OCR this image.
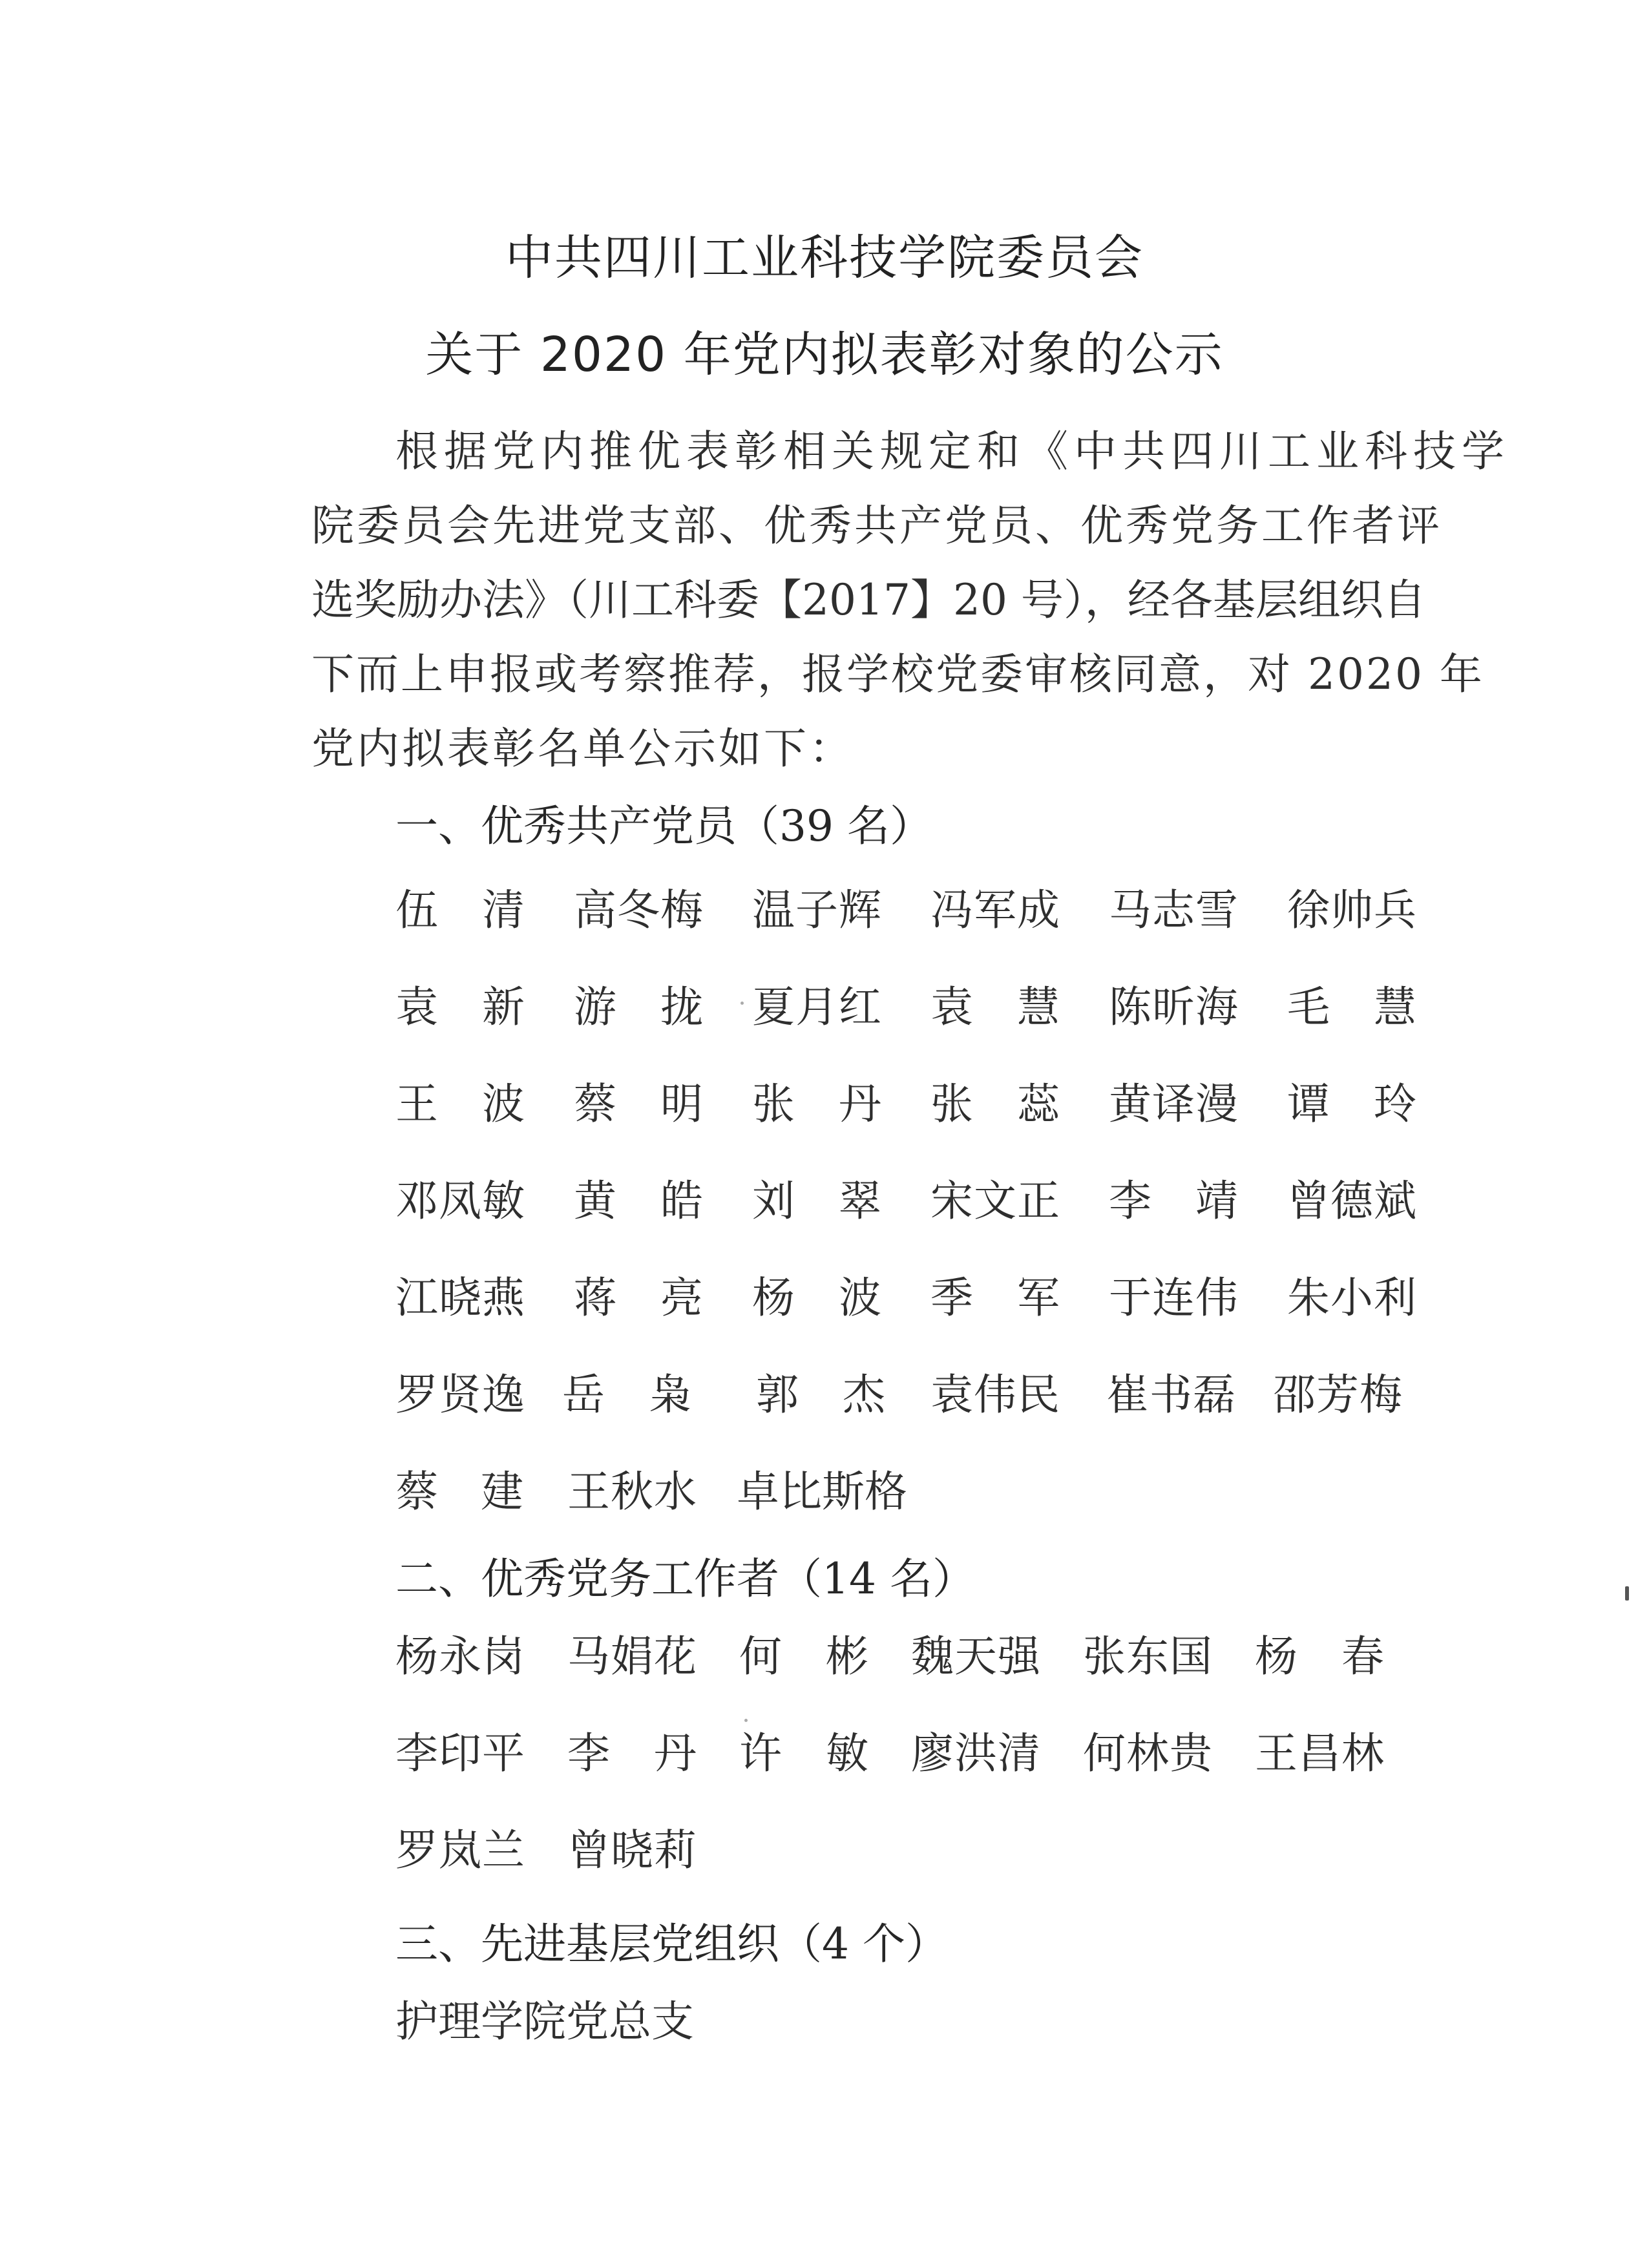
中共四川工业科技学院委员会
关于 2020 年党内拟表彰对象的公示
根据党内推优表彰相关规定和《中共四川工业科技学
院委员会先进党支部、优秀共产党员、优秀党务工作者评
选奖励办法》（川工科委【2017】20 号），经各基层组织自
下而上申报或考察推荐，报学校党委审核同意，对 2020 年
党内拟表彰名单公示如下：
一、优秀共产党员（39 名）
伍　清 高冬梅 温子辉 冯军成 马志雪 徐帅兵
袁　新 游　拢 夏月红 袁　慧 陈昕海 毛　慧
王　波 蔡　明 张　丹 张　蕊 黄译漫 谭　玲
邓凤敏 黄　皓 刘　翠 宋文正 李　靖 曾德斌
江晓燕 蒋　亮 杨　波 季　军 于连伟 朱小利
罗贤逸 岳　枭 郭　杰 袁伟民 崔书磊 邵芳梅
蔡　建 王秋水 卓比斯格
二、优秀党务工作者（14 名）
杨永岗 马娟花 何　彬 魏天强 张东国 杨　春
李印平 李　丹 许　敏 廖洪清 何林贵 王昌林
罗岚兰 曾晓莉
三、先进基层党组织（4 个）
护理学院党总支
